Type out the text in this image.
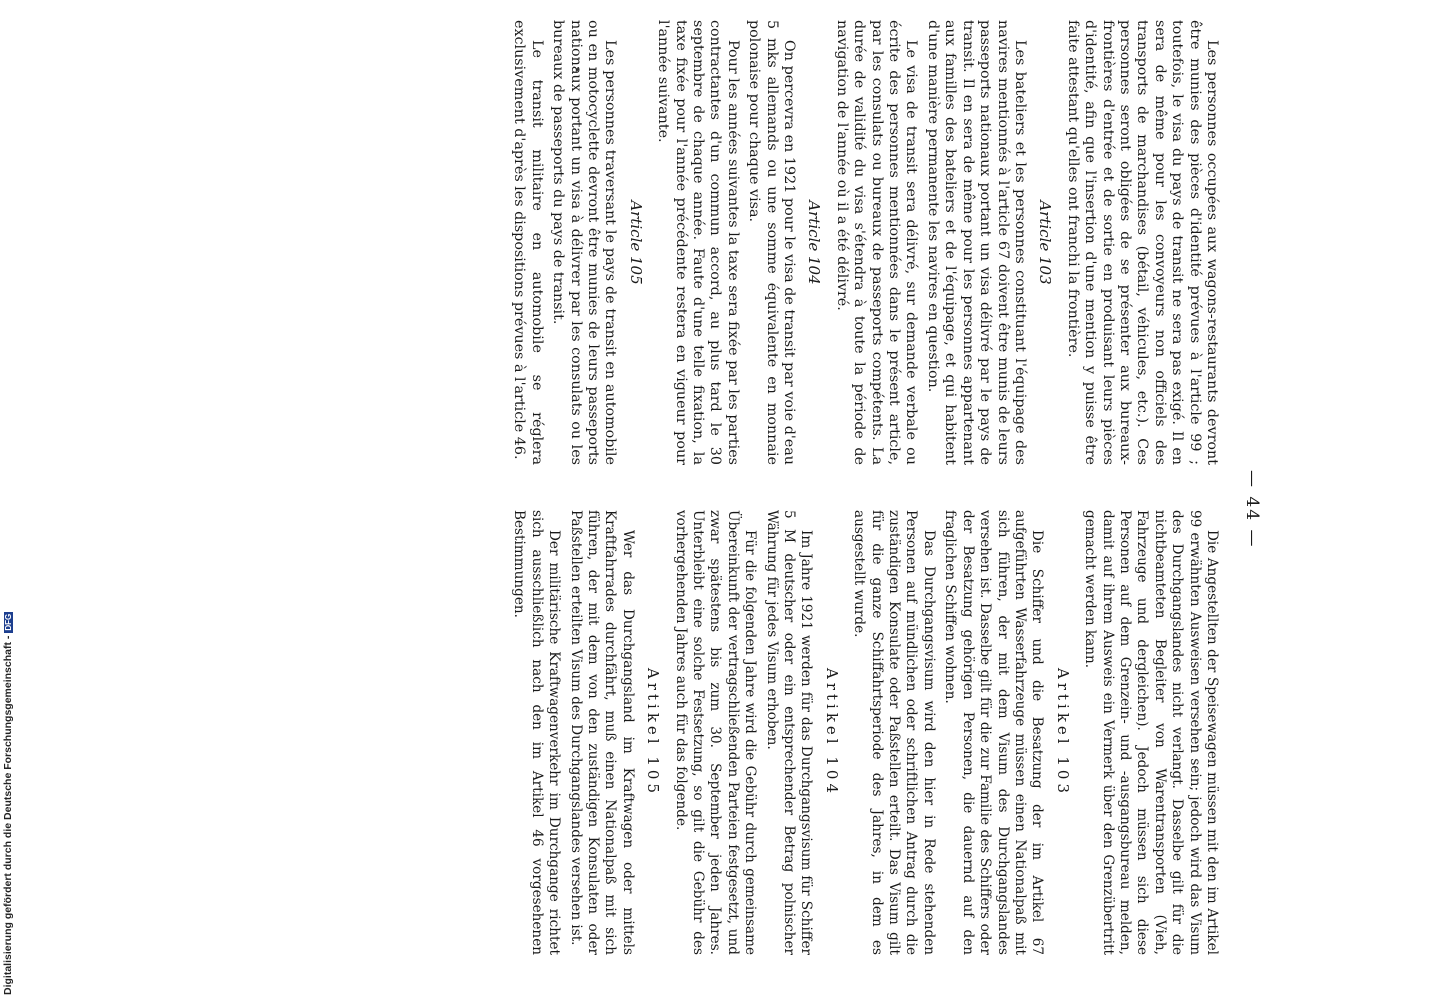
Digitalisierung gefördert durch die Deutsche Forschungsgemeinschaft -DFG
— 44 —

Les personnes occupées aux wagons-restaurants devront être munies des pièces d'identité prévues à l'article 99 ; toutefois, le visa du pays de transit ne sera pas exigé. Il en sera de même pour les convoyeurs non officiels des transports de marchandises (bétail, véhicules, etc.). Ces personnes seront obligées de se présenter aux bureaux-frontières d'entrée et de sortie en produisant leurs pièces d'identité, afin que l'insertion d'une mention y puisse être faite attestant qu'elles ont franchi la frontière.

Article 103

Les bateliers et les personnes constituant l'équipage des navires mentionnés à l'article 67 doivent être munis de leurs passeports nationaux portant un visa délivré par le pays de transit. Il en sera de même pour les personnes appartenant aux familles des bateliers et de l'équipage, et qui habitent d'une manière permanente les navires en question.

Le visa de transit sera délivré, sur demande verbale ou écrite des personnes mentionnées dans le présent article, par les consulats ou bureaux de passeports compétents. La durée de validité du visa s'étendra à toute la période de navigation de l'année où il a été délivré.

Article 104

On percevra en 1921 pour le visa de transit par voie d'eau 5 mks allemands ou une somme équivalente en monnaie polonaise pour chaque visa.

Pour les années suivantes la taxe sera fixée par les parties contractantes d'un commun accord, au plus tard le 30 septembre de chaque année. Faute d'une telle fixation, la taxe fixée pour l'année précédente restera en vigueur pour l'année suivante.

Article 105

Les personnes traversant le pays de transit en automobile ou en motocyclette devront être munies de leurs passeports nationaux portant un visa à délivrer par les consulats ou les bureaux de passeports du pays de transit.

Le transit militaire en automobile se réglera exclusivement d'après les dispositions prévues à l'article 46.

Die Angestellten der Speisewagen müssen mit den im Artikel 99 erwähnten Ausweisen versehen sein; jedoch wird das Visum des Durchgangslandes nicht verlangt. Dasselbe gilt für die nichtbeamteten Begleiter von Warentransporten (Vieh, Fahrzeuge und dergleichen). Jedoch müssen sich diese Personen auf dem Grenzein- und -ausgangsbureau melden, damit auf ihrem Ausweis ein Vermerk über den Grenzübertritt gemacht werden kann.

Artikel 103

Die Schiffer und die Besatzung der im Artikel 67 aufgeführten Wasserfahrzeuge müssen einen Nationalpaß mit sich führen, der mit dem Visum des Durchgangslandes versehen ist. Dasselbe gilt für die zur Familie des Schiffers oder der Besatzung gehörigen Personen, die dauernd auf den fraglichen Schiffen wohnen.

Das Durchgangsvisum wird den hier in Rede stehenden Personen auf mündlichen oder schriftlichen Antrag durch die zuständigen Konsulate oder Paßstellen erteilt. Das Visum gilt für die ganze Schiffahrtsperiode des Jahres, in dem es ausgestellt wurde.

Artikel 104

Im Jahre 1921 werden für das Durchgangsvisum für Schiffer 5 M deutscher oder ein entsprechender Betrag polnischer Währung für jedes Visum erhoben.

Für die folgenden Jahre wird die Gebühr durch gemeinsame Übereinkunft der vertragschließenden Parteien festgesetzt, und zwar spätestens bis zum 30. September jeden Jahres. Unterbleibt eine solche Festsetzung, so gilt die Gebühr des vorhergehenden Jahres auch für das folgende.

Artikel 105

Wer das Durchgangsland im Kraftwagen oder mittels Kraftfahrrades durchfährt, muß einen Nationalpaß mit sich führen, der mit dem von den zuständigen Konsulaten oder Paßstellen erteilten Visum des Durchgangslandes versehen ist.

Der militärische Kraftwagenverkehr im Durchgange richtet sich ausschließlich nach den im Artikel 46 vorgesehenen Bestimmungen.
